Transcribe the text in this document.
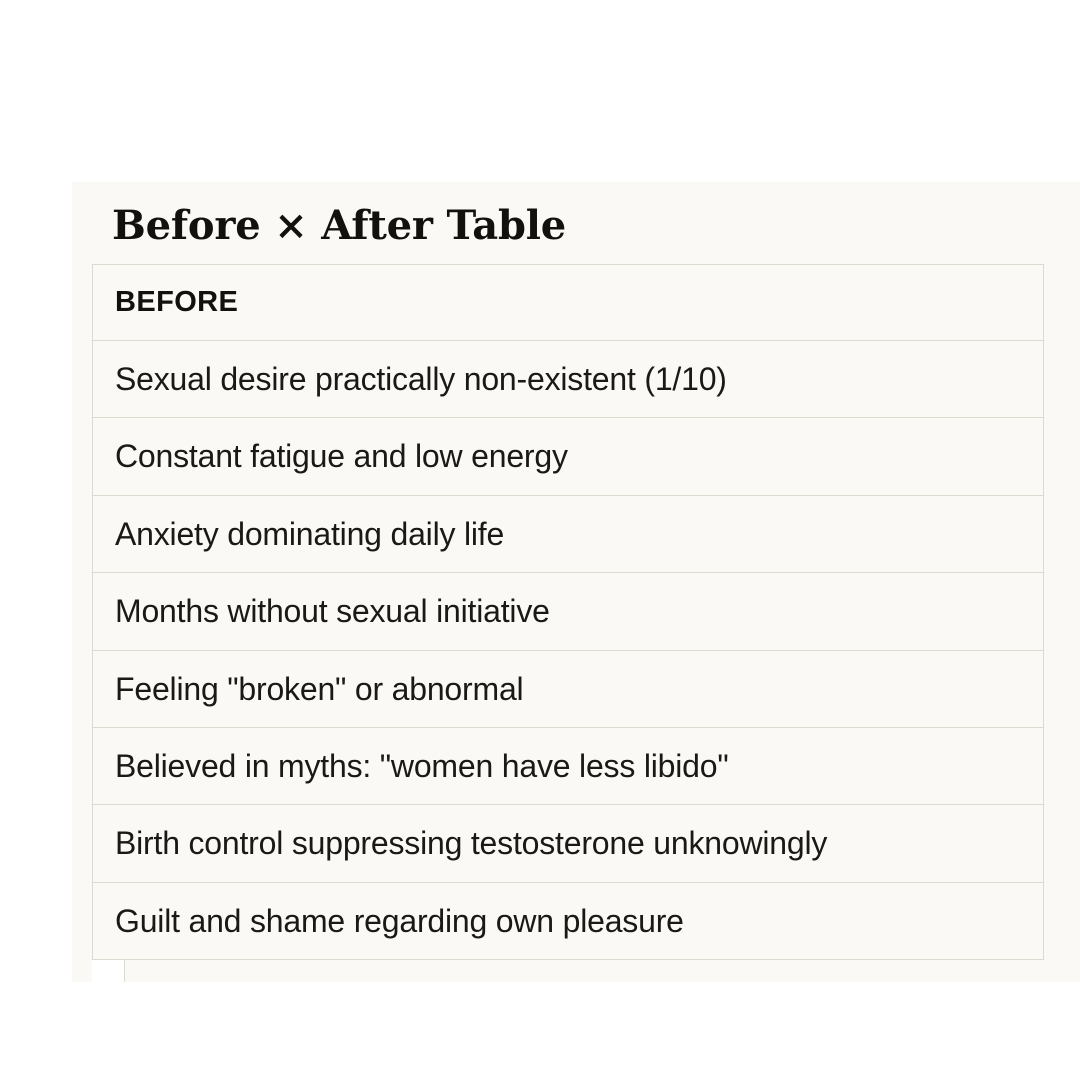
Before × After Table
BEFORE
Sexual desire practically non-existent (1/10)
Constant fatigue and low energy
Anxiety dominating daily life
Months without sexual initiative
Feeling "broken" or abnormal
Believed in myths: "women have less libido"
Birth control suppressing testosterone unknowingly
Guilt and shame regarding own pleasure
